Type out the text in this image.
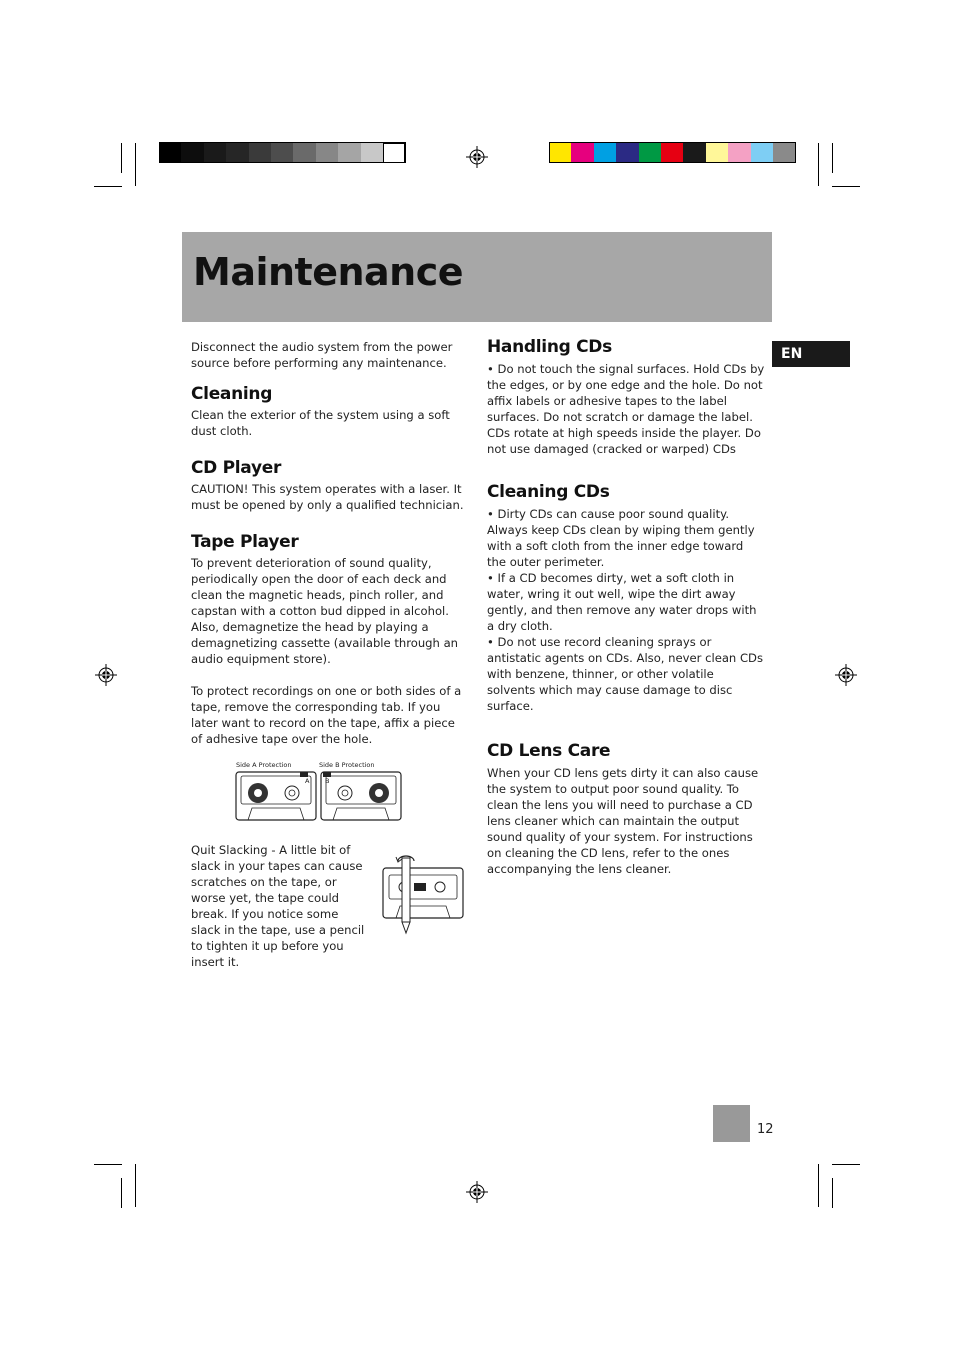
Maintenance
EN

Disconnect the audio system from the power source before performing any maintenance.

Cleaning

Clean the exterior of the system using a soft dust cloth.

CD Player

CAUTION! This system operates with a laser. It must be opened by only a qualified technician.

Tape Player

To prevent deterioration of sound quality, periodically open the door of each deck and clean the magnetic heads, pinch roller, and capstan with a cotton bud dipped in alcohol. Also, demagnetize the head by playing a demagnetizing cassette (available through an audio equipment store).

To protect recordings on one or both sides of a tape, remove the corresponding tab. If you later want to record on the tape, affix a piece of adhesive tape over the hole.

Side A Protection	Side B Protection
A B

Quit Slacking - A little bit of slack in your tapes can cause scratches on the tape, or worse yet, the tape could break. If you notice some slack in the tape, use a pencil to tighten it up before you insert it.

Handling CDs

• Do not touch the signal surfaces. Hold CDs by the edges, or by one edge and the hole. Do not affix labels or adhesive tapes to the label surfaces. Do not scratch or damage the label. CDs rotate at high speeds inside the player. Do not use damaged (cracked or warped) CDs

Cleaning CDs

• Dirty CDs can cause poor sound quality. Always keep CDs clean by wiping them gently with a soft cloth from the inner edge toward the outer perimeter.

• If a CD becomes dirty, wet a soft cloth in water, wring it out well, wipe the dirt away gently, and then remove any water drops with a dry cloth.

• Do not use record cleaning sprays or antistatic agents on CDs. Also, never clean CDs with benzene, thinner, or other volatile solvents which may cause damage to disc surface.

CD Lens Care

When your CD lens gets dirty it can also cause the system to output poor sound quality. To clean the lens you will need to purchase a CD lens cleaner which can maintain the output sound quality of your system. For instructions

on cleaning the CD lens, refer to the ones accompanying the lens cleaner.

12
